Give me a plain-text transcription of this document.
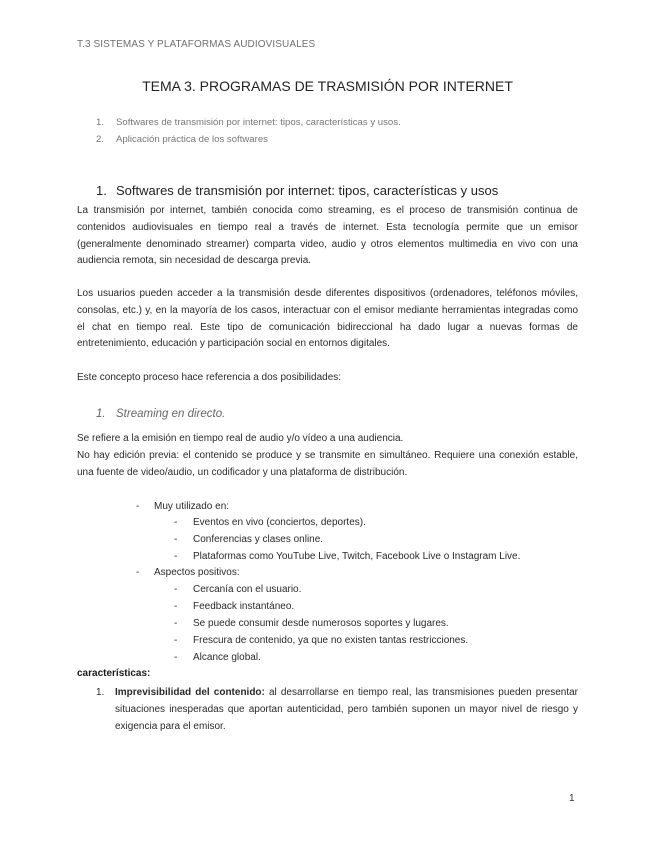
T.3 SISTEMAS Y PLATAFORMAS AUDIOVISUALES
TEMA 3. PROGRAMAS DE TRASMISIÓN POR INTERNET
1. Softwares de transmisión por internet: tipos, características y usos.
2. Aplicación práctica de los softwares
1. Softwares de transmisión por internet: tipos, características y usos
La transmisión por internet, también conocida como streaming, es el proceso de transmisión continua de contenidos audiovisuales en tiempo real a través de internet. Esta tecnología permite que un emisor (generalmente denominado streamer) comparta video, audio y otros elementos multimedia en vivo con una audiencia remota, sin necesidad de descarga previa.
Los usuarios pueden acceder a la transmisión desde diferentes dispositivos (ordenadores, teléfonos móviles, consolas, etc.) y, en la mayoría de los casos, interactuar con el emisor mediante herramientas integradas como el chat en tiempo real. Este tipo de comunicación bidireccional ha dado lugar a nuevas formas de entretenimiento, educación y participación social en entornos digitales.
Este concepto proceso hace referencia a dos posibilidades:
1. Streaming en directo.
Se refiere a la emisión en tiempo real de audio y/o vídeo a una audiencia.
No hay edición previa: el contenido se produce y se transmite en simultáneo. Requiere una conexión estable, una fuente de video/audio, un codificador y una plataforma de distribución.
- Muy utilizado en:
- Eventos en vivo (conciertos, deportes).
- Conferencias y clases online.
- Plataformas como YouTube Live, Twitch, Facebook Live o Instagram Live.
- Aspectos positivos:
- Cercanía con el usuario.
- Feedback instantáneo.
- Se puede consumir desde numerosos soportes y lugares.
- Frescura de contenido, ya que no existen tantas restricciones.
- Alcance global.
características:
1. Imprevisibilidad del contenido: al desarrollarse en tiempo real, las transmisiones pueden presentar situaciones inesperadas que aportan autenticidad, pero también suponen un mayor nivel de riesgo y exigencia para el emisor.
1
